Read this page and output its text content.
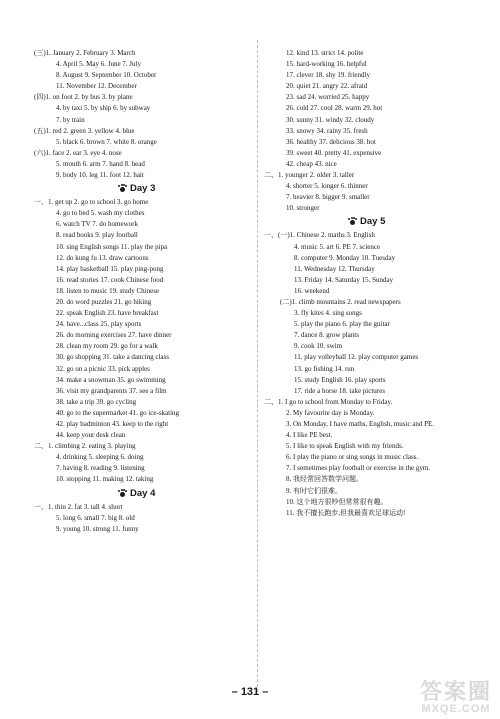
(三)1. January 2. February 3. March
4. April 5. May 6. June 7. July
8. August 9. September 10. October
11. November 12. December
(四)1. on foot 2. by bus 3. by plane
4. by taxi 5. by ship 6. by subway
7. by train
(五)1. red 2. green 3. yellow 4. blue
5. black 6. brown 7. white 8. orange
(六)1. face 2. ear 3. eye 4. nose
5. mouth 6. arm 7. hand 8. head
9. body 10. leg 11. foot 12. hair
Day 3
一、1. get up 2. go to school 3. go home
4. go to bed 5. wash my clothes
6. watch TV 7. do homework
8. read books 9. play football
10. sing English songs 11. play the pipa
12. do kung fu 13. draw cartoons
14. play basketball 15. play ping-pong
16. read stories 17. cook Chinese food
18. listen to music 19. study Chinese
20. do word puzzles 21. go hiking
22. speak English 23. have breakfast
24. have...class 25. play sports
26. do morning exercises 27. have dinner
28. clean my room 29. go for a walk
30. go shopping 31. take a dancing class
32. go on a picnic 33. pick apples
34. make a snowman 35. go swimming
36. visit my grandparents 37. see a film
38. take a trip 39. go cycling
40. go to the supermarket 41. go ice-skating
42. play badminton 43. keep to the right
44. keep your desk clean
二、1. climbing 2. eating 3. playing
4. drinking 5. sleeping 6. doing
7. having 8. reading 9. listening
10. stopping 11. making 12. taking
Day 4
一、1. thin 2. fat 3. tall 4. short
5. long 6. small 7. big 8. old
9. young 10. strong 11. funny
12. kind 13. strict 14. polite
15. hard-working 16. helpful
17. clever 18. shy 19. friendly
20. quiet 21. angry 22. afraid
23. sad 24. worried 25. happy
26. cold 27. cool 28. warm 29. hot
30. sunny 31. windy 32. cloudy
33. snowy 34. rainy 35. fresh
36. healthy 37. delicious 38. hot
39. sweet 40. pretty 41. expensive
42. cheap 43. nice
二、1. younger 2. older 3. taller
4. shorter 5. longer 6. thinner
7. heavier 8. bigger 9. smaller
10. stronger
Day 5
一、(一)1. Chinese 2. maths 3. English
4. music 5. art 6. PE 7. science
8. computer 9. Monday 10. Tuesday
11. Wednesday 12. Thursday
13. Friday 14. Saturday 15. Sunday
16. weekend
(二)1. climb mountains 2. read newspapers
3. fly kites 4. sing songs
5. play the piano 6. play the guitar
7. dance 8. grow plants
9. cook 10. swim
11. play volleyball 12. play computer games
13. go fishing 14. run
15. study English 16. play sports
17. ride a horse 18. take pictures
二、1. I go to school from Monday to Friday.
2. My favourite day is Monday.
3. On Monday, I have maths, English, music and PE.
4. I like PE best.
5. I like to speak English with my friends.
6. I play the piano or sing songs in music class.
7. I sometimes play football or exercise in the gym.
8. 我经常回答数学问题。
9. 有时它们很难。
10. 这个地方很吵但常常很有趣。
11. 我不擅长跑步,但我最喜欢足球运动!
– 131 –	答案圈
MXQE.COM
